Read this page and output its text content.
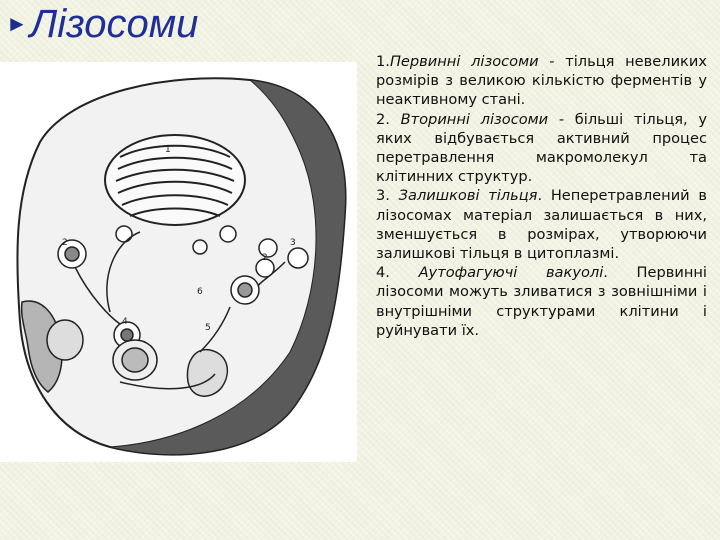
► Лізосоми
1
2	3
2
6
4
5

1.Первинні лізосоми - тільця невеликих розмірів з великою кількістю ферментів у неактивному стані.

2. Вторинні лізосоми - більші тільця, у яких відбувається активний процес перетравлення макромолекул та клітинних структур.

3. Залишкові тільця. Неперетравлений в лізосомах матеріал залишається в них, зменшується в розмірах, утворюючи залишкові тільця в цитоплазмі.

4. Аутофагуючі вакуолі. Первинні лізосоми можуть зливатися з зовнішніми і внутрішніми структурами клітини і руйнувати їх.
